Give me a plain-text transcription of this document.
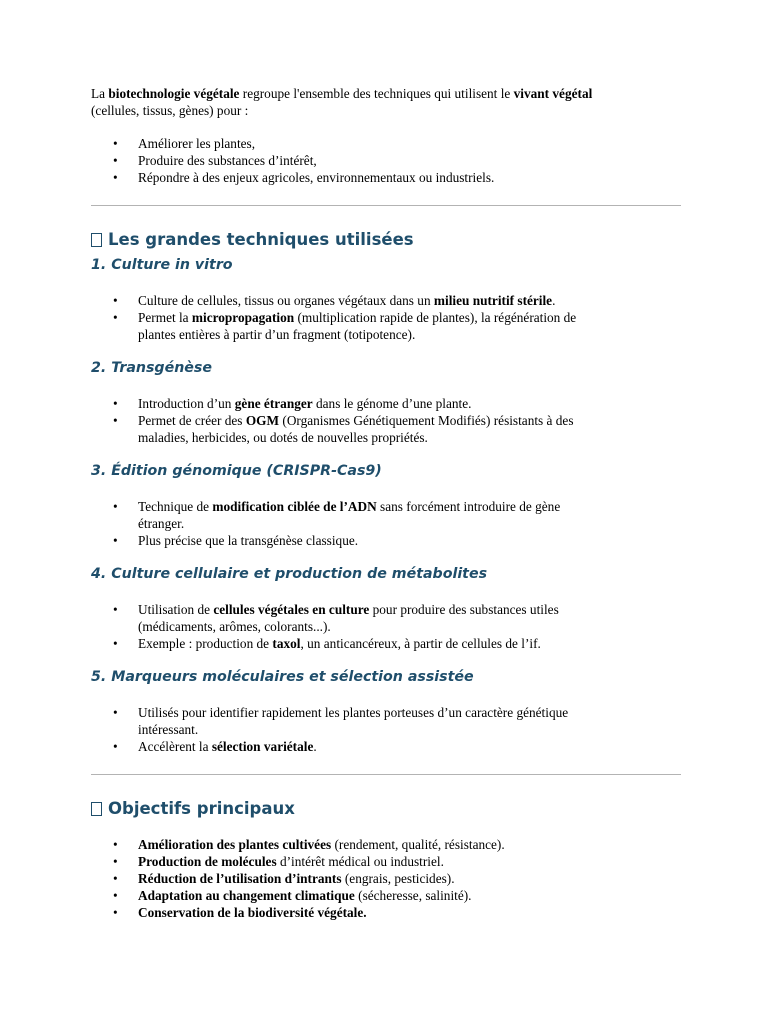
La biotechnologie végétale regroupe l'ensemble des techniques qui utilisent le vivant végétal
(cellules, tissus, gènes) pour :

• Améliorer les plantes,
• Produire des substances d’intérêt,
• Répondre à des enjeux agricoles, environnementaux ou industriels.
Les grandes techniques utilisées
1. Culture in vitro
• Culture de cellules, tissus ou organes végétaux dans un milieu nutritif stérile.
• Permet la micropropagation (multiplication rapide de plantes), la régénération de
plantes entières à partir d’un fragment (totipotence).
2. Transgénèse
• Introduction d’un gène étranger dans le génome d’une plante.
• Permet de créer des OGM (Organismes Génétiquement Modifiés) résistants à des
maladies, herbicides, ou dotés de nouvelles propriétés.
3. Édition génomique (CRISPR-Cas9)
• Technique de modification ciblée de l’ADN sans forcément introduire de gène
étranger.
• Plus précise que la transgénèse classique.
4. Culture cellulaire et production de métabolites
• Utilisation de cellules végétales en culture pour produire des substances utiles
(médicaments, arômes, colorants...).
• Exemple : production de taxol, un anticancéreux, à partir de cellules de l’if.
5. Marqueurs moléculaires et sélection assistée
• Utilisés pour identifier rapidement les plantes porteuses d’un caractère génétique
intéressant.
• Accélèrent la sélection variétale.
Objectifs principaux
• Amélioration des plantes cultivées (rendement, qualité, résistance).
• Production de molécules d’intérêt médical ou industriel.
• Réduction de l’utilisation d’intrants (engrais, pesticides).
• Adaptation au changement climatique (sécheresse, salinité).
• Conservation de la biodiversité végétale.
